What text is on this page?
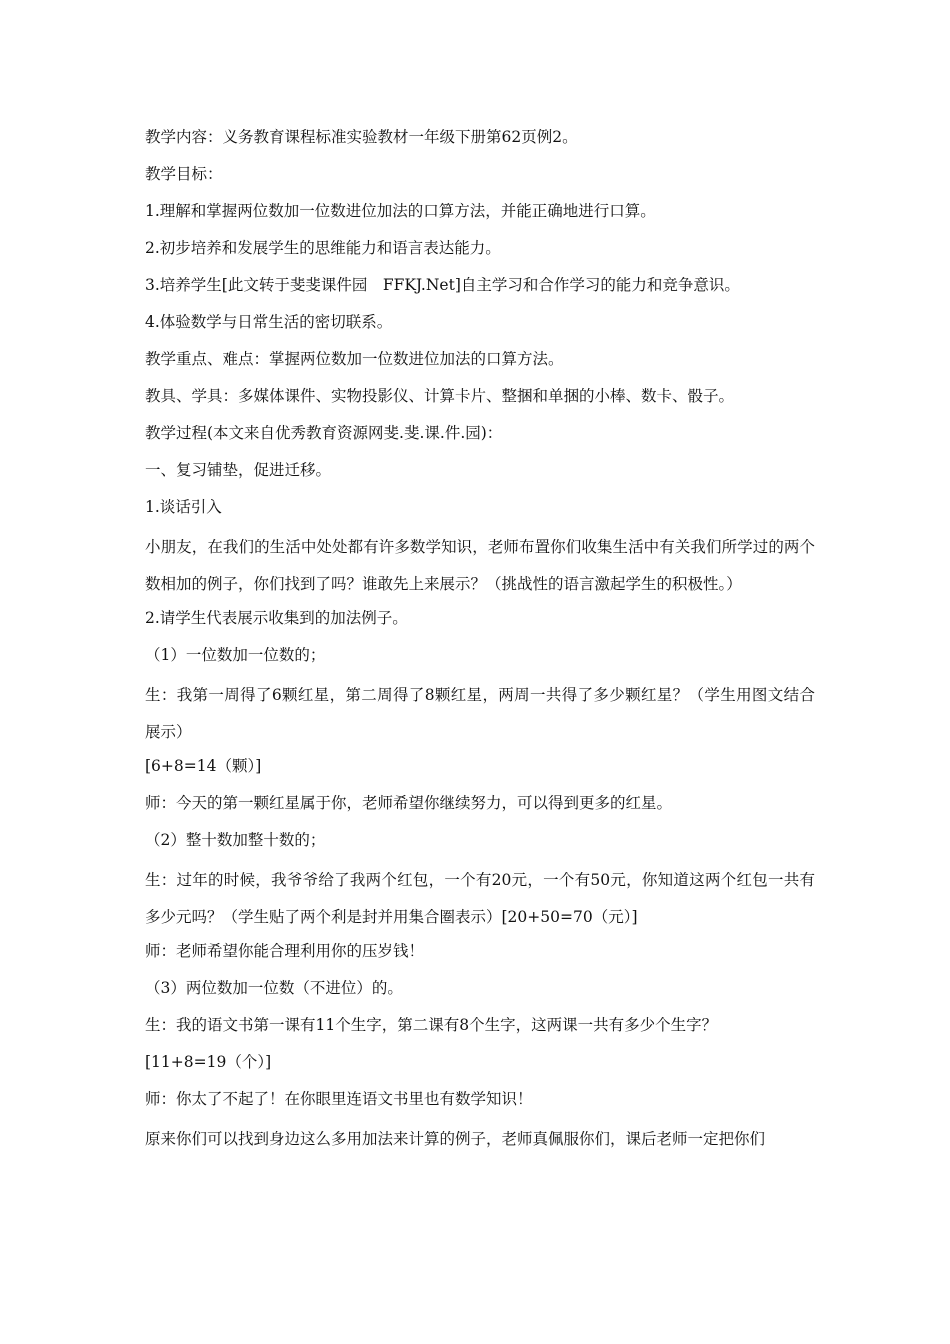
教学内容：义务教育课程标准实验教材一年级下册第62页例2。
教学目标：
1.理解和掌握两位数加一位数进位加法的口算方法，并能正确地进行口算。
2.初步培养和发展学生的思维能力和语言表达能力。
3.培养学生[此文转于斐斐课件园　FFKJ.Net]自主学习和合作学习的能力和竞争意识。
4.体验数学与日常生活的密切联系。
教学重点、难点：掌握两位数加一位数进位加法的口算方法。
教具、学具：多媒体课件、实物投影仪、计算卡片、整捆和单捆的小棒、数卡、骰子。
教学过程(本文来自优秀教育资源网斐.斐.课.件.园)：
一、复习铺垫，促进迁移。
1.谈话引入
小朋友，在我们的生活中处处都有许多数学知识，老师布置你们收集生活中有关我们所学过的两个数相加的例子，你们找到了吗？谁敢先上来展示？（挑战性的语言激起学生的积极性。）
2.请学生代表展示收集到的加法例子。
（1）一位数加一位数的；
生：我第一周得了6颗红星，第二周得了8颗红星，两周一共得了多少颗红星？（学生用图文结合展示）
[6+8=14（颗）]
师：今天的第一颗红星属于你，老师希望你继续努力，可以得到更多的红星。
（2）整十数加整十数的；
生：过年的时候，我爷爷给了我两个红包，一个有20元，一个有50元，你知道这两个红包一共有多少元吗？（学生贴了两个利是封并用集合圈表示）[20+50=70（元）]
师：老师希望你能合理利用你的压岁钱！
（3）两位数加一位数（不进位）的。
生：我的语文书第一课有11个生字，第二课有8个生字，这两课一共有多少个生字？
[11+8=19（个）]
师：你太了不起了！在你眼里连语文书里也有数学知识！
原来你们可以找到身边这么多用加法来计算的例子，老师真佩服你们，课后老师一定把你们
